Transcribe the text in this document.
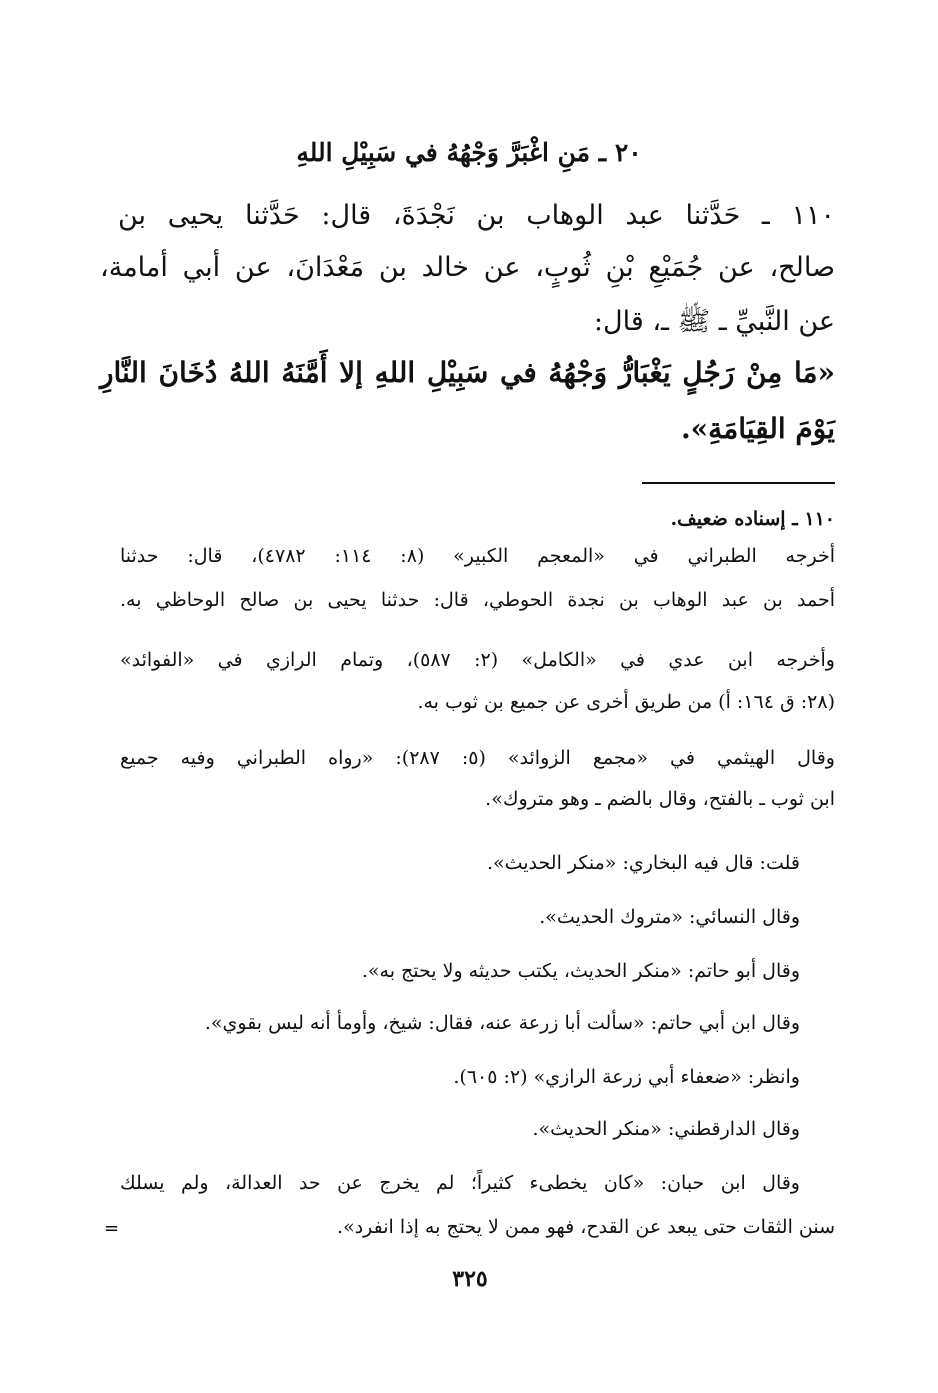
٢٠ ـ مَنِ اغْبَرَّ وَجْهُهُ في سَبِيْلِ اللهِ
١١٠ ـ حَدَّثنا عبد الوهاب بن نَجْدَةَ، قال: حَدَّثنا يحيى بن
صالح، عن جُمَيْعِ بْنِ ثُوبٍ، عن خالد بن مَعْدَانَ، عن أبي أمامة،
عن النَّبيِّ ـ ﷺ ـ، قال:
«مَا مِنْ رَجُلٍ يَغْبَارُّ وَجْهُهُ في سَبِيْلِ اللهِ إلا أَمَّنَهُ اللهُ دُخَانَ النَّارِ
يَوْمَ القِيَامَةِ».
١١٠ ـ إسناده ضعيف.
أخرجه الطبراني في «المعجم الكبير» (٨: ١١٤: ٤٧٨٢)، قال: حدثنا
أحمد بن عبد الوهاب بن نجدة الحوطي، قال: حدثنا يحيى بن صالح الوحاظي به.
وأخرجه ابن عدي في «الكامل» (٢: ٥٨٧)، وتمام الرازي في «الفوائد»
(٢٨: ق ١٦٤: أ) من طريق أخرى عن جميع بن ثوب به.
وقال الهيثمي في «مجمع الزوائد» (٥: ٢٨٧): «رواه الطبراني وفيه جميع
ابن ثوب ـ بالفتح، وقال بالضم ـ وهو متروك».
قلت: قال فيه البخاري: «منكر الحديث».
وقال النسائي: «متروك الحديث».
وقال أبو حاتم: «منكر الحديث، يكتب حديثه ولا يحتج به».
وقال ابن أبي حاتم: «سألت أبا زرعة عنه، فقال: شيخ، وأومأ أنه ليس بقوي».
وانظر: «ضعفاء أبي زرعة الرازي» (٢: ٦٠٥).
وقال الدارقطني: «منكر الحديث».
وقال ابن حبان: «كان يخطىء كثيراً؛ لم يخرج عن حد العدالة، ولم يسلك
سنن الثقات حتى يبعد عن القدح، فهو ممن لا يحتج به إذا انفرد».
=
٣٢٥
